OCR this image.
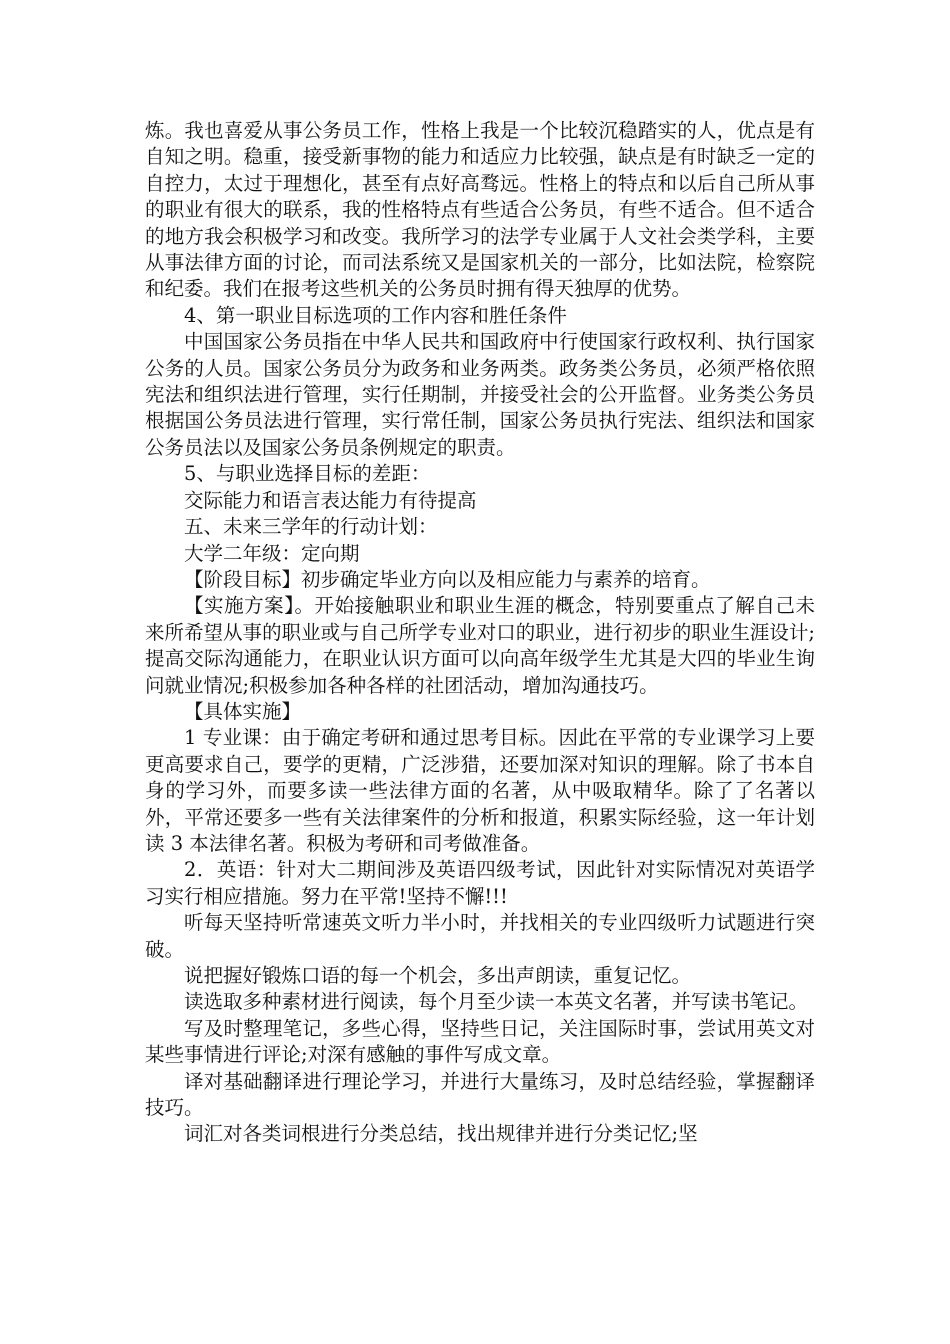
炼。我也喜爱从事公务员工作，性格上我是一个比较沉稳踏实的人，优点是有自知之明。稳重，接受新事物的能力和适应力比较强，缺点是有时缺乏一定的自控力，太过于理想化，甚至有点好高骛远。性格上的特点和以后自己所从事的职业有很大的联系，我的性格特点有些适合公务员，有些不适合。但不适合的地方我会积极学习和改变。我所学习的法学专业属于人文社会类学科，主要从事法律方面的讨论，而司法系统又是国家机关的一部分，比如法院，检察院和纪委。我们在报考这些机关的公务员时拥有得天独厚的优势。

4、第一职业目标选项的工作内容和胜任条件

中国国家公务员指在中华人民共和国政府中行使国家行政权利、执行国家公务的人员。国家公务员分为政务和业务两类。政务类公务员，必须严格依照宪法和组织法进行管理，实行任期制，并接受社会的公开监督。业务类公务员根据国公务员法进行管理，实行常任制，国家公务员执行宪法、组织法和国家公务员法以及国家公务员条例规定的职责。

5、与职业选择目标的差距：

交际能力和语言表达能力有待提高

五、未来三学年的行动计划：

大学二年级：定向期

【阶段目标】初步确定毕业方向以及相应能力与素养的培育。

【实施方案】。开始接触职业和职业生涯的概念，特别要重点了解自己未来所希望从事的职业或与自己所学专业对口的职业，进行初步的职业生涯设计;提高交际沟通能力，在职业认识方面可以向高年级学生尤其是大四的毕业生询问就业情况;积极参加各种各样的社团活动，增加沟通技巧。

【具体实施】

1 专业课：由于确定考研和通过思考目标。因此在平常的专业课学习上要更高要求自己，要学的更精，广泛涉猎，还要加深对知识的理解。除了书本自身的学习外，而要多读一些法律方面的名著，从中吸取精华。除了了名著以外，平常还要多一些有关法律案件的分析和报道，积累实际经验，这一年计划读 3 本法律名著。积极为考研和司考做准备。

2．英语：针对大二期间涉及英语四级考试，因此针对实际情况对英语学习实行相应措施。努力在平常!坚持不懈!!!

听每天坚持听常速英文听力半小时，并找相关的专业四级听力试题进行突破。

说把握好锻炼口语的每一个机会，多出声朗读，重复记忆。

读选取多种素材进行阅读，每个月至少读一本英文名著，并写读书笔记。

写及时整理笔记，多些心得，坚持些日记，关注国际时事，尝试用英文对某些事情进行评论;对深有感触的事件写成文章。

译对基础翻译进行理论学习，并进行大量练习，及时总结经验，掌握翻译技巧。

词汇对各类词根进行分类总结，找出规律并进行分类记忆;坚
